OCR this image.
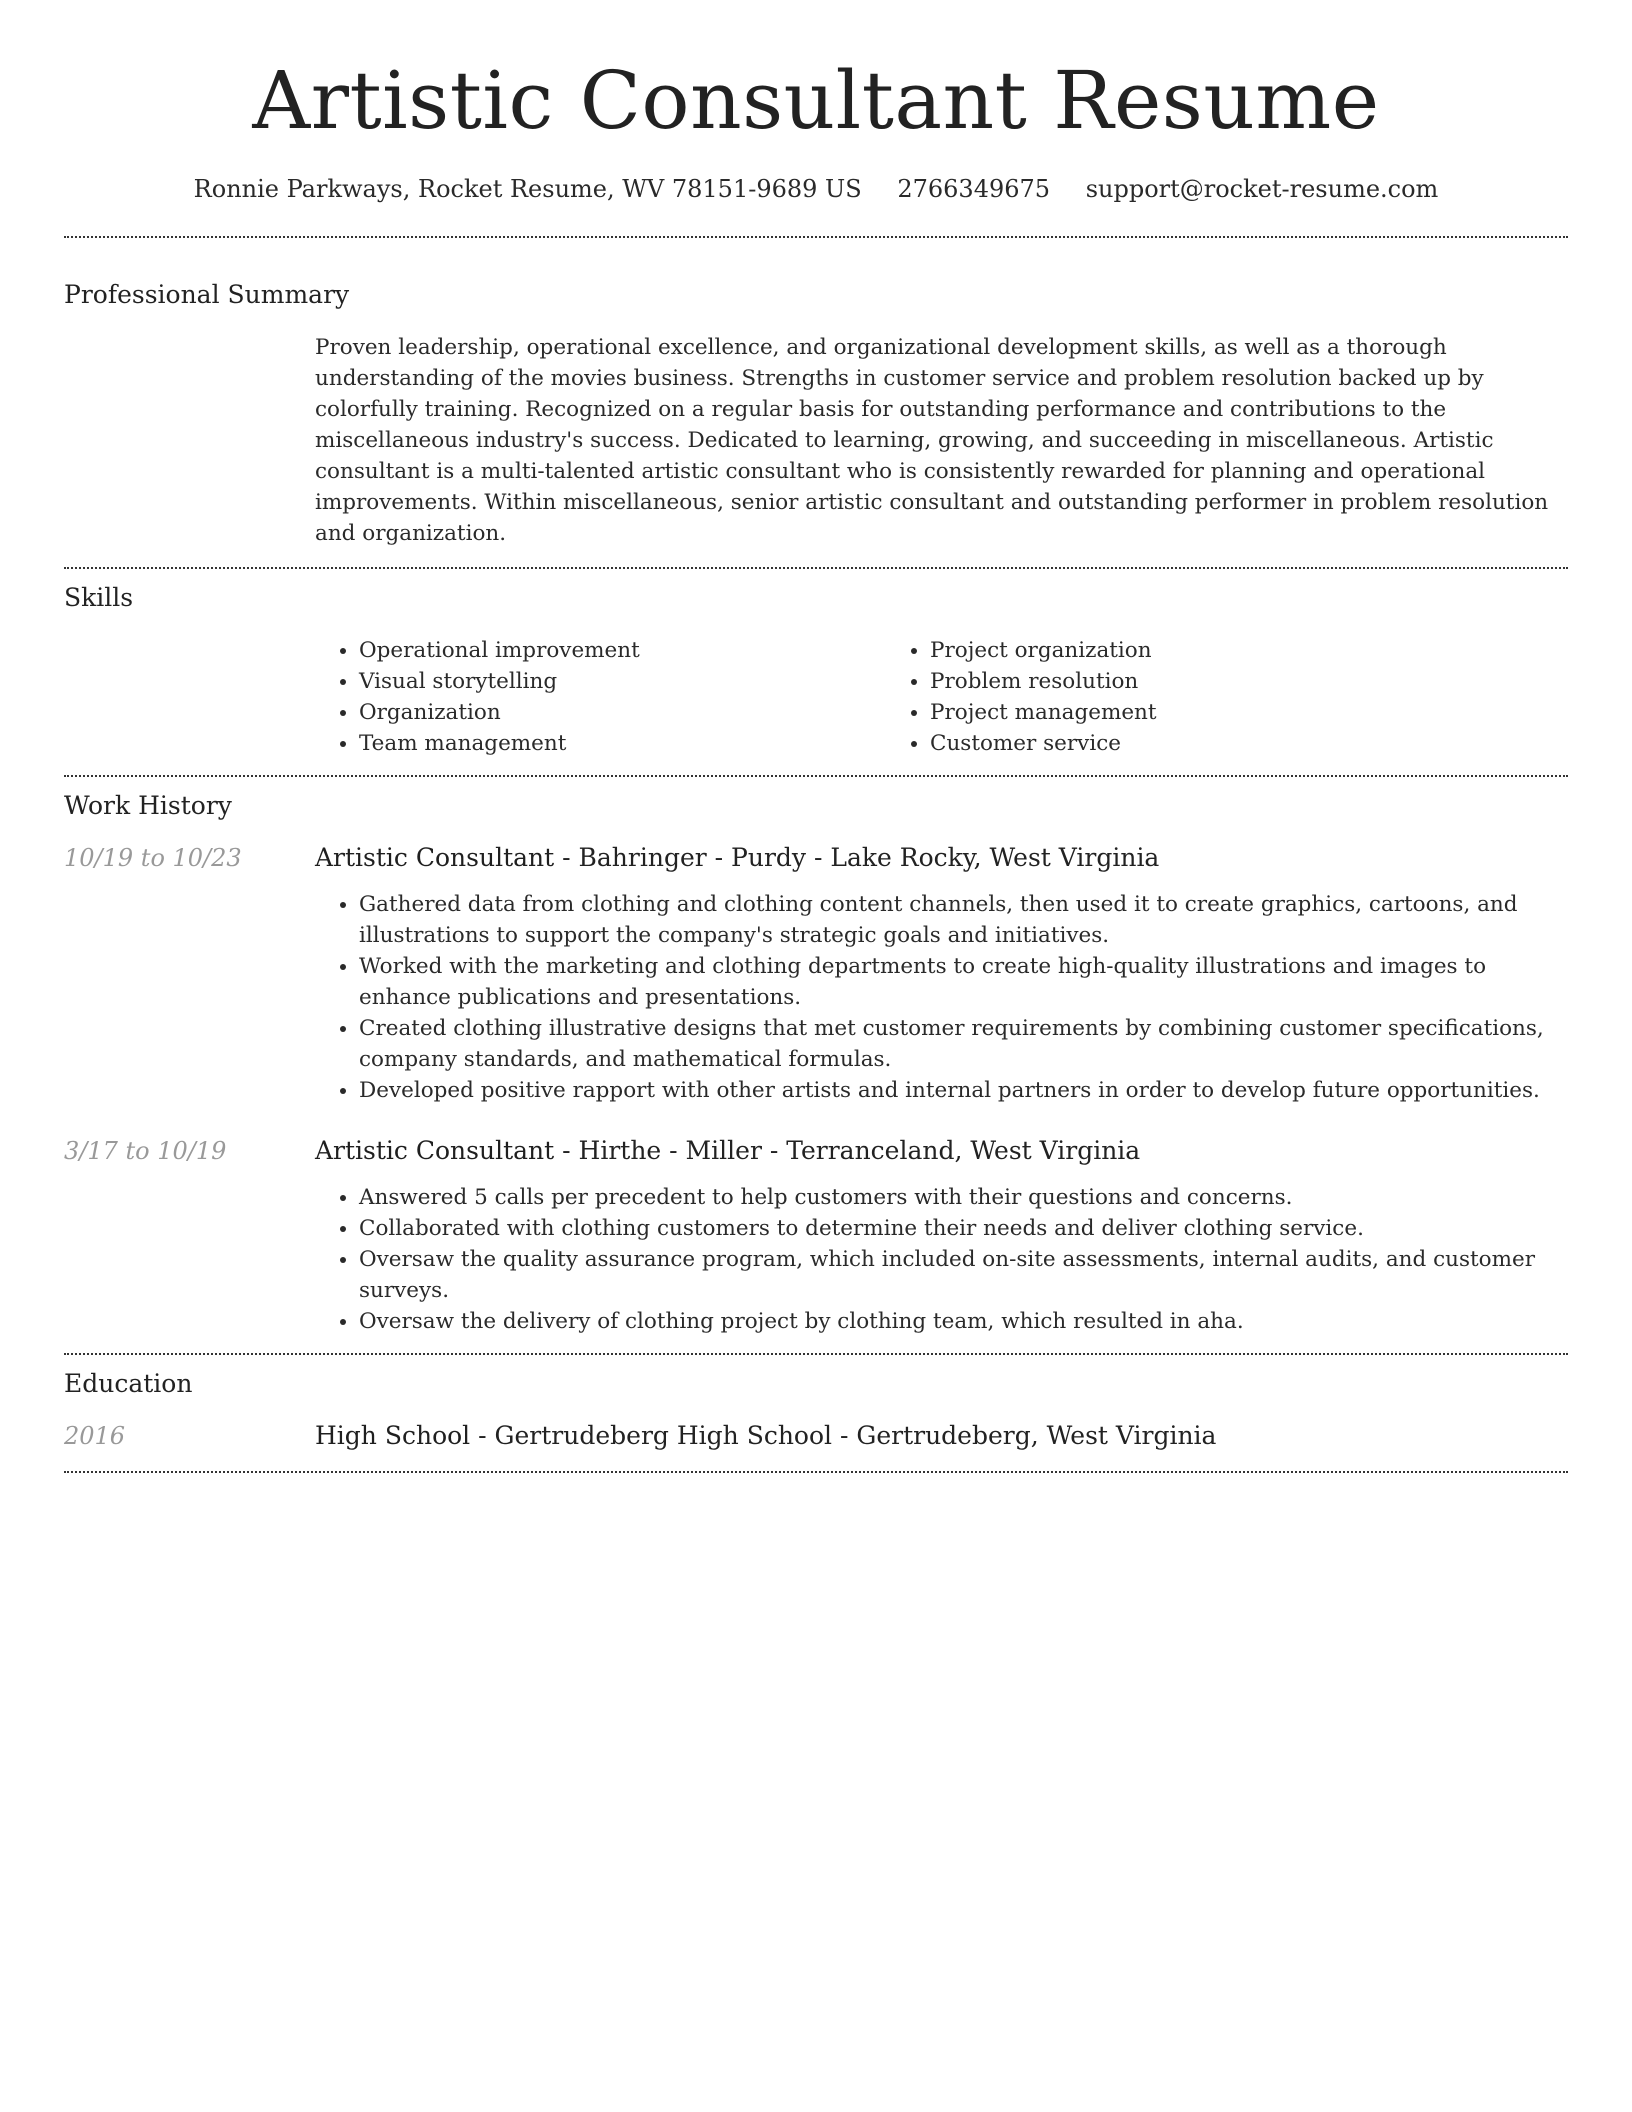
Artistic Consultant Resume
Ronnie Parkways, Rocket Resume, WV 78151-9689 US 2766349675 support@rocket-resume.com
Professional Summary

Proven leadership, operational excellence, and organizational development skills, as well as a thorough understanding of the movies business. Strengths in customer service and problem resolution backed up by colorfully training. Recognized on a regular basis for outstanding performance and contributions to the miscellaneous industry's success. Dedicated to learning, growing, and succeeding in miscellaneous. Artistic consultant is a multi-talented artistic consultant who is consistently rewarded for planning and operational improvements. Within miscellaneous, senior artistic consultant and outstanding performer in problem resolution and organization.

Skills
• Operational improvement
• Visual storytelling
• Organization
• Team management
• Project organization
• Problem resolution
• Project management
• Customer service
Work History
10/19 to 10/23	Artistic Consultant - Bahringer - Purdy - Lake Rocky, West Virginia
• Gathered data from clothing and clothing content channels, then used it to create graphics, cartoons, and illustrations to support the company's strategic goals and initiatives.
• Worked with the marketing and clothing departments to create high-quality illustrations and images to enhance publications and presentations.
• Created clothing illustrative designs that met customer requirements by combining customer specifications, company standards, and mathematical formulas.
• Developed positive rapport with other artists and internal partners in order to develop future opportunities.
3/17 to 10/19	Artistic Consultant - Hirthe - Miller - Terranceland, West Virginia
• Answered 5 calls per precedent to help customers with their questions and concerns.
• Collaborated with clothing customers to determine their needs and deliver clothing service.
• Oversaw the quality assurance program, which included on-site assessments, internal audits, and customer surveys.
• Oversaw the delivery of clothing project by clothing team, which resulted in aha.
Education
2016	High School - Gertrudeberg High School - Gertrudeberg, West Virginia
